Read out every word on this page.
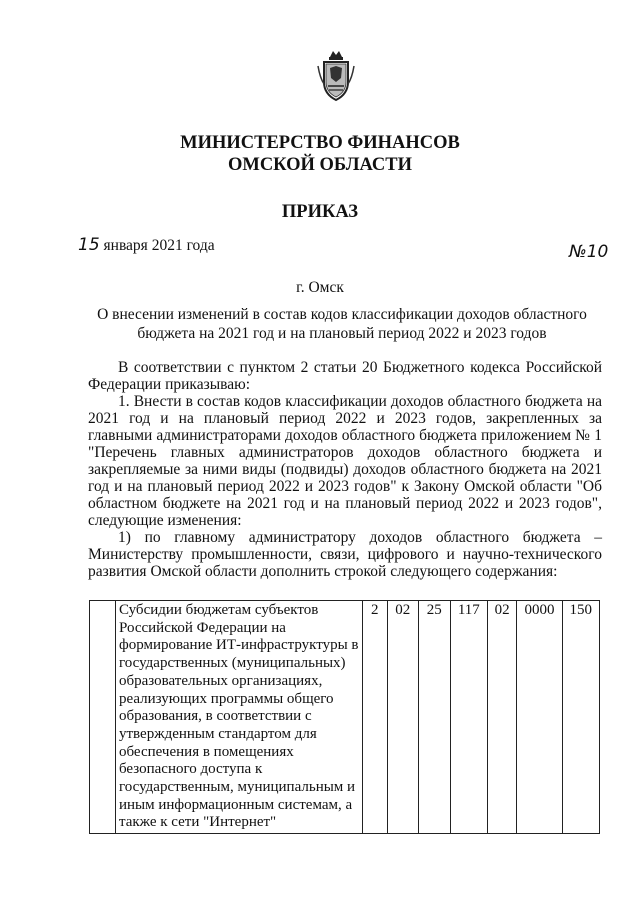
МИНИСТЕРСТВО ФИНАНСОВ
ОМСКОЙ ОБЛАСТИ
ПРИКАЗ
15 января 2021 года	№10
г. Омск
О внесении изменений в состав кодов классификации доходов областного
бюджета на 2021 год и на плановый период 2022 и 2023 годов

В соответствии с пунктом 2 статьи 20 Бюджетного кодекса Российской Федерации приказываю:

1. Внести в состав кодов классификации доходов областного бюджета на 2021 год и на плановый период 2022 и 2023 годов, закрепленных за главными администраторами доходов областного бюджета приложением № 1 "Перечень главных администраторов доходов областного бюджета и закрепляемые за ними виды (подвиды) доходов областного бюджета на 2021 год и на плановый период 2022 и 2023 годов" к Закону Омской области "Об областном бюджете на 2021 год и на плановый период 2022 и 2023 годов", следующие изменения:

1) по главному администратору доходов областного бюджета – Министерству промышленности, связи, цифрового и научно-технического развития Омской области дополнить строкой следующего содержания:

	Субсидии бюджетам субъектов Российской Федерации на формирование ИТ-инфраструктуры в государственных (муниципальных) образовательных организациях, реализующих программы общего образования, в соответствии с утвержденным стандартом для обеспечения в помещениях безопасного доступа к государственным, муниципальным и иным информационным системам, а также к сети "Интернет"	2	02	25	117	02	0000	150
